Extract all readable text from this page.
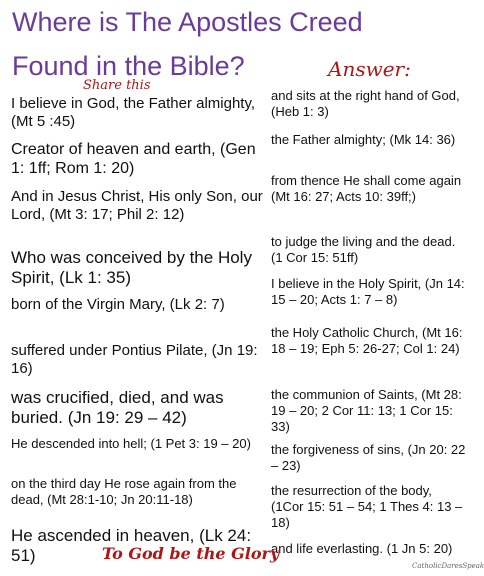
Where is The Apostles Creed
Found in the Bible?
Share this
Answer:

I believe in God, the Father almighty, (Mt 5 :45)

Creator of heaven and earth, (Gen 1: 1ff; Rom 1: 20)

And in Jesus Christ, His only Son, our Lord, (Mt 3: 17; Phil 2: 12)

Who was conceived by the Holy Spirit, (Lk 1: 35)

born of the Virgin Mary, (Lk 2: 7)

suffered under Pontius Pilate, (Jn 19: 16)

was crucified, died, and was buried. (Jn 19: 29 – 42)

He descended into hell; (1 Pet 3: 19 – 20)

on the third day He rose again from the dead, (Mt 28:1-10; Jn 20:11-18)

He ascended in heaven, (Lk 24: 51)

and sits at the right hand of God, (Heb 1: 3)

the Father almighty; (Mk 14: 36)

from thence He shall come again (Mt 16: 27; Acts 10: 39ff;)

to judge the living and the dead. (1 Cor 15: 51ff)

I believe in the Holy Spirit, (Jn 14: 15 – 20; Acts 1: 7 – 8)

the Holy Catholic Church, (Mt 16: 18 – 19; Eph 5: 26-27; Col 1: 24)

the communion of Saints, (Mt 28: 19 – 20; 2 Cor 11: 13; 1 Cor 15: 33)

the forgiveness of sins, (Jn 20: 22 – 23)

the resurrection of the body, (1Cor 15: 51 – 54; 1 Thes 4: 13 – 18)

and life everlasting. (1 Jn 5: 20)

To God be the Glory
CatholicDaresSpeak
